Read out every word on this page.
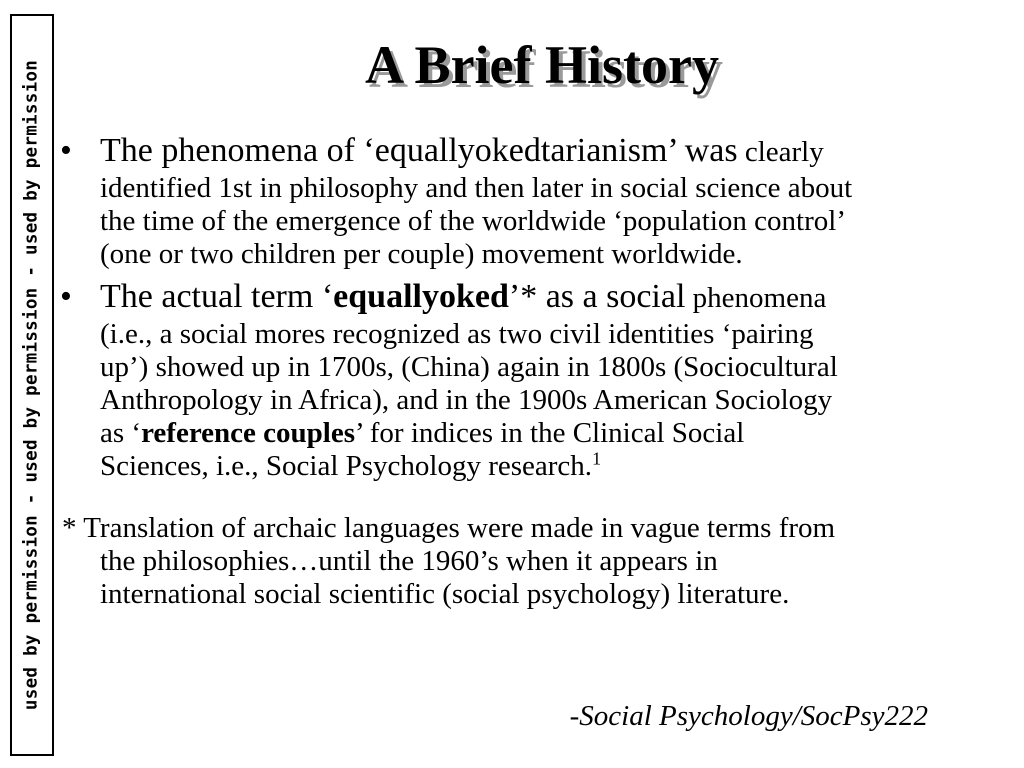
used by permission - used by permission - used by permission	A Brief History
• The phenomena of ‘equallyokedtarianism’ was clearly
identified 1st in philosophy and then later in social science about
the time of the emergence of the worldwide ‘population control’
(one or two children per couple) movement worldwide.
• The actual term ‘equallyoked’* as a social phenomena
(i.e., a social mores recognized as two civil identities ‘pairing
up’) showed up in 1700s, (China) again in 1800s (Sociocultural
Anthropology in Africa), and in the 1900s American Sociology
as ‘reference couples’ for indices in the Clinical Social
Sciences, i.e., Social Psychology research.$^1$
* Translation of archaic languages were made in vague terms from
the philosophies…until the 1960’s when it appears in
international social scientific (social psychology) literature.
-Social Psychology/SocPsy222
